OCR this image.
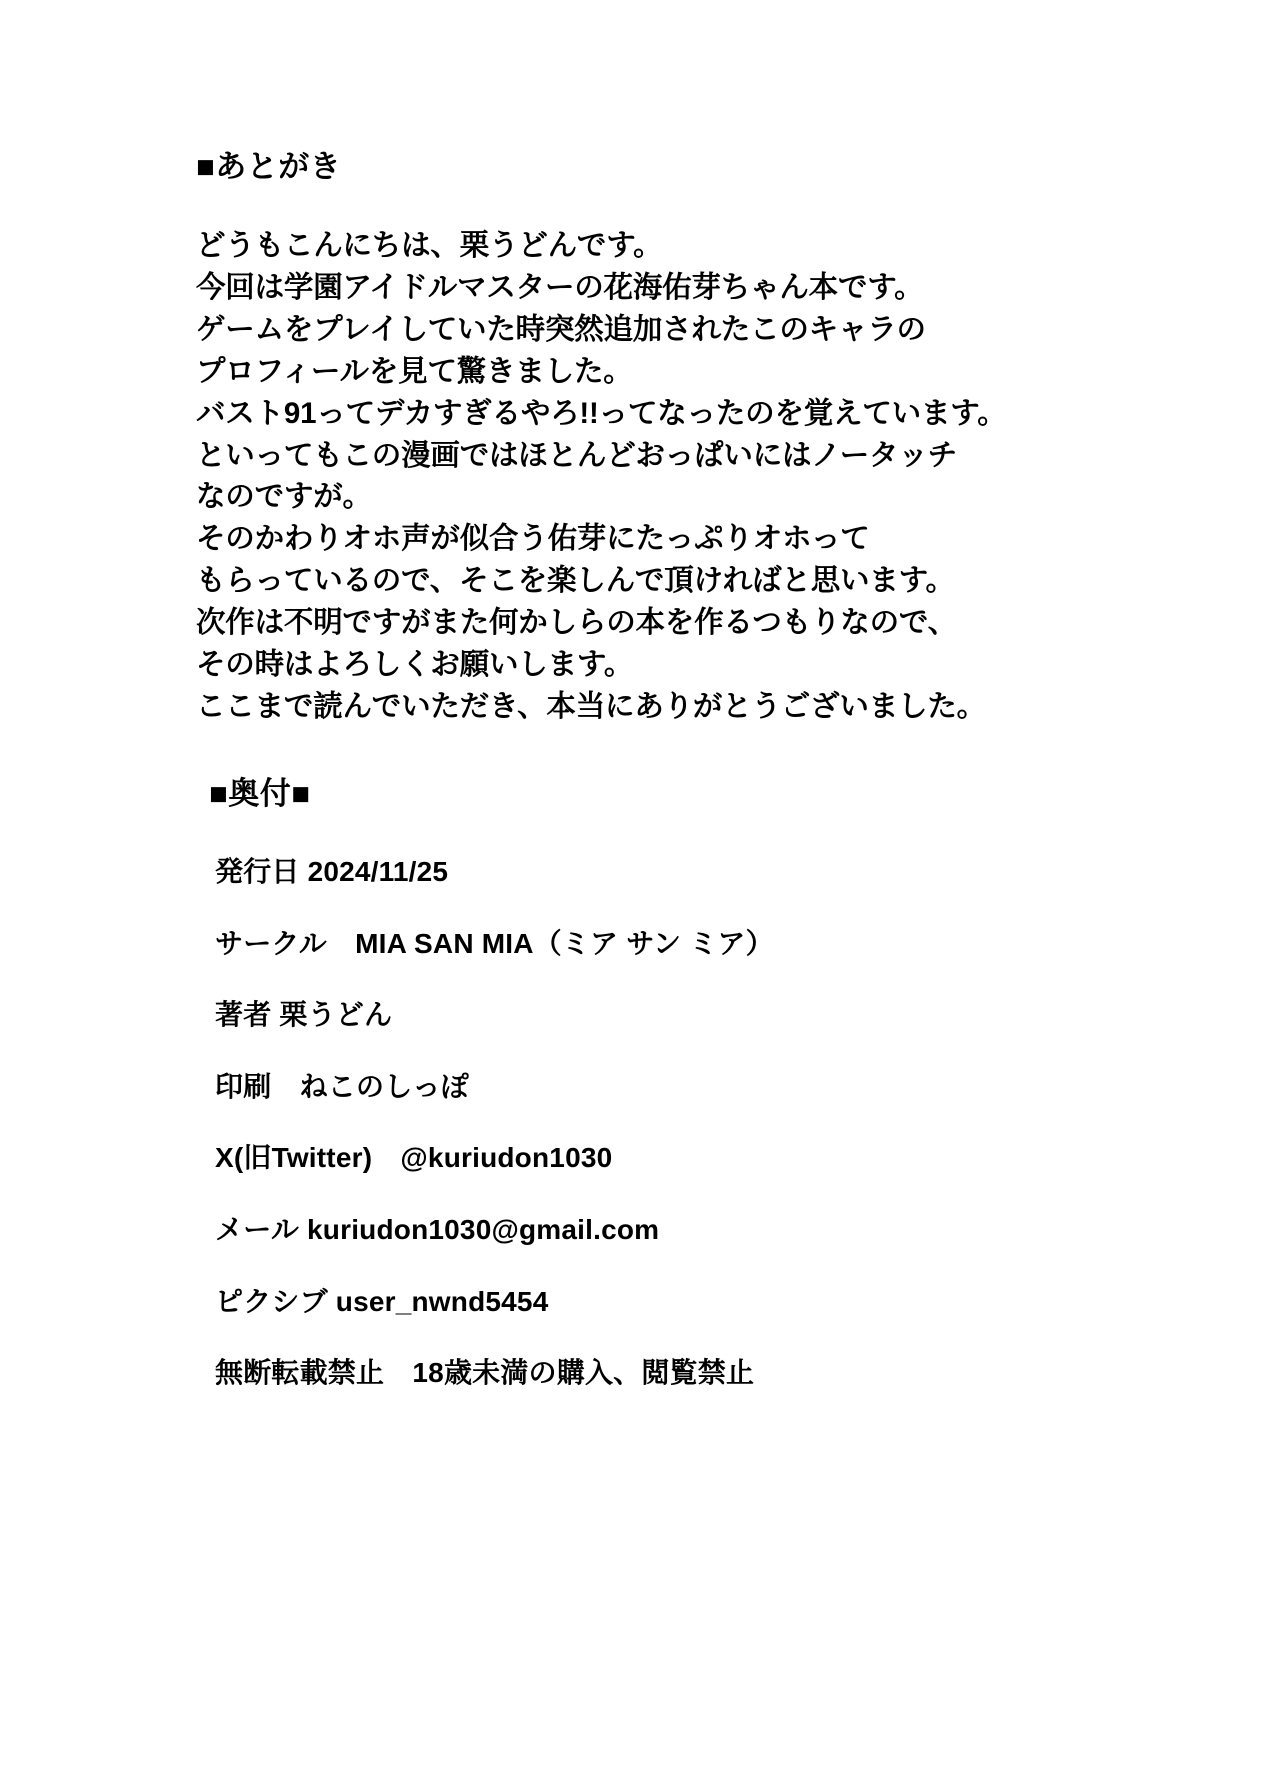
■あとがき
どうもこんにちは、栗うどんです。
今回は学園アイドルマスターの花海佑芽ちゃん本です。
ゲームをプレイしていた時突然追加されたこのキャラの
プロフィールを見て驚きました。
バスト91ってデカすぎるやろ!!ってなったのを覚えています。
といってもこの漫画ではほとんどおっぱいにはノータッチ
なのですが。
そのかわりオホ声が似合う佑芽にたっぷりオホって
もらっているので、そこを楽しんで頂ければと思います。
次作は不明ですがまた何かしらの本を作るつもりなので、
その時はよろしくお願いします。
ここまで読んでいただき、本当にありがとうございました。
■奥付■
発行日 2024/11/25
サークル　MIA SAN MIA（ミア サン ミア）
著者 栗うどん
印刷　ねこのしっぽ
X(旧Twitter)　@kuriudon1030
メール kuriudon1030@gmail.com
ピクシブ user_nwnd5454
無断転載禁止　18歳未満の購入、閲覧禁止
